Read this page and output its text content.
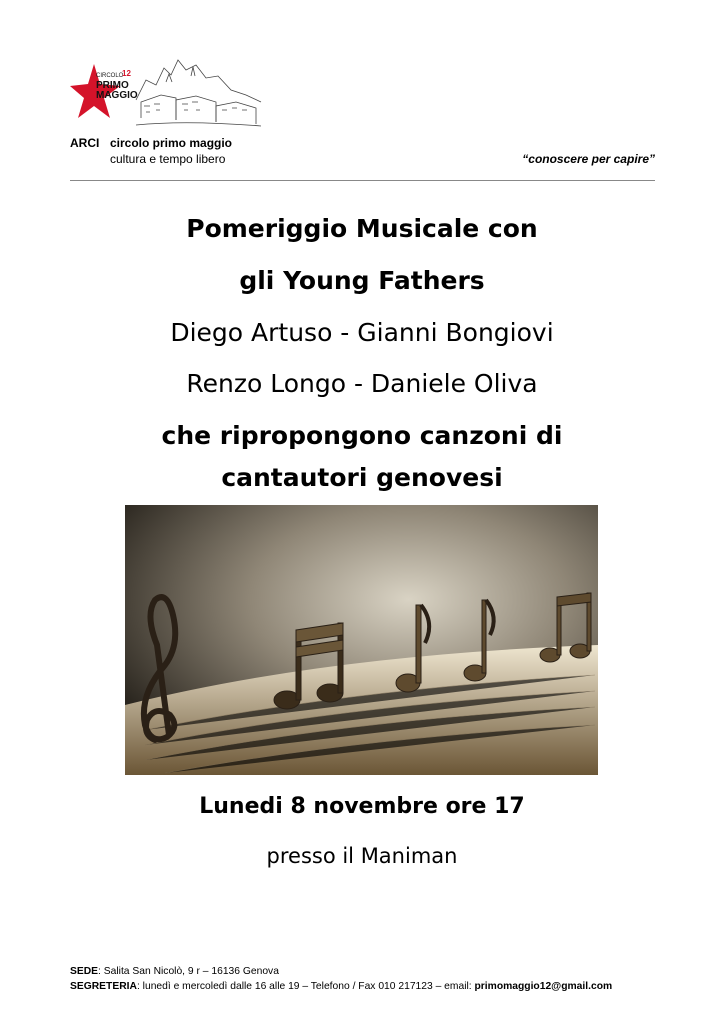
CIRCOLO
12
PRIMO
MAGGIO
ARCI circolo primo maggio
cultura e tempo libero	“conoscere per capire”
Pomeriggio Musicale con
gli Young Fathers
Diego Artuso - Gianni Bongiovi
Renzo Longo - Daniele Oliva
che ripropongono canzoni di
cantautori genovesi
Lunedi 8 novembre ore 17
presso il Maniman
SEDE: Salita San Nicolò, 9 r – 16136 Genova
SEGRETERIA: lunedì e mercoledì dalle 16 alle 19 – Telefono / Fax 010 217123 – email: primomaggio12@gmail.com
